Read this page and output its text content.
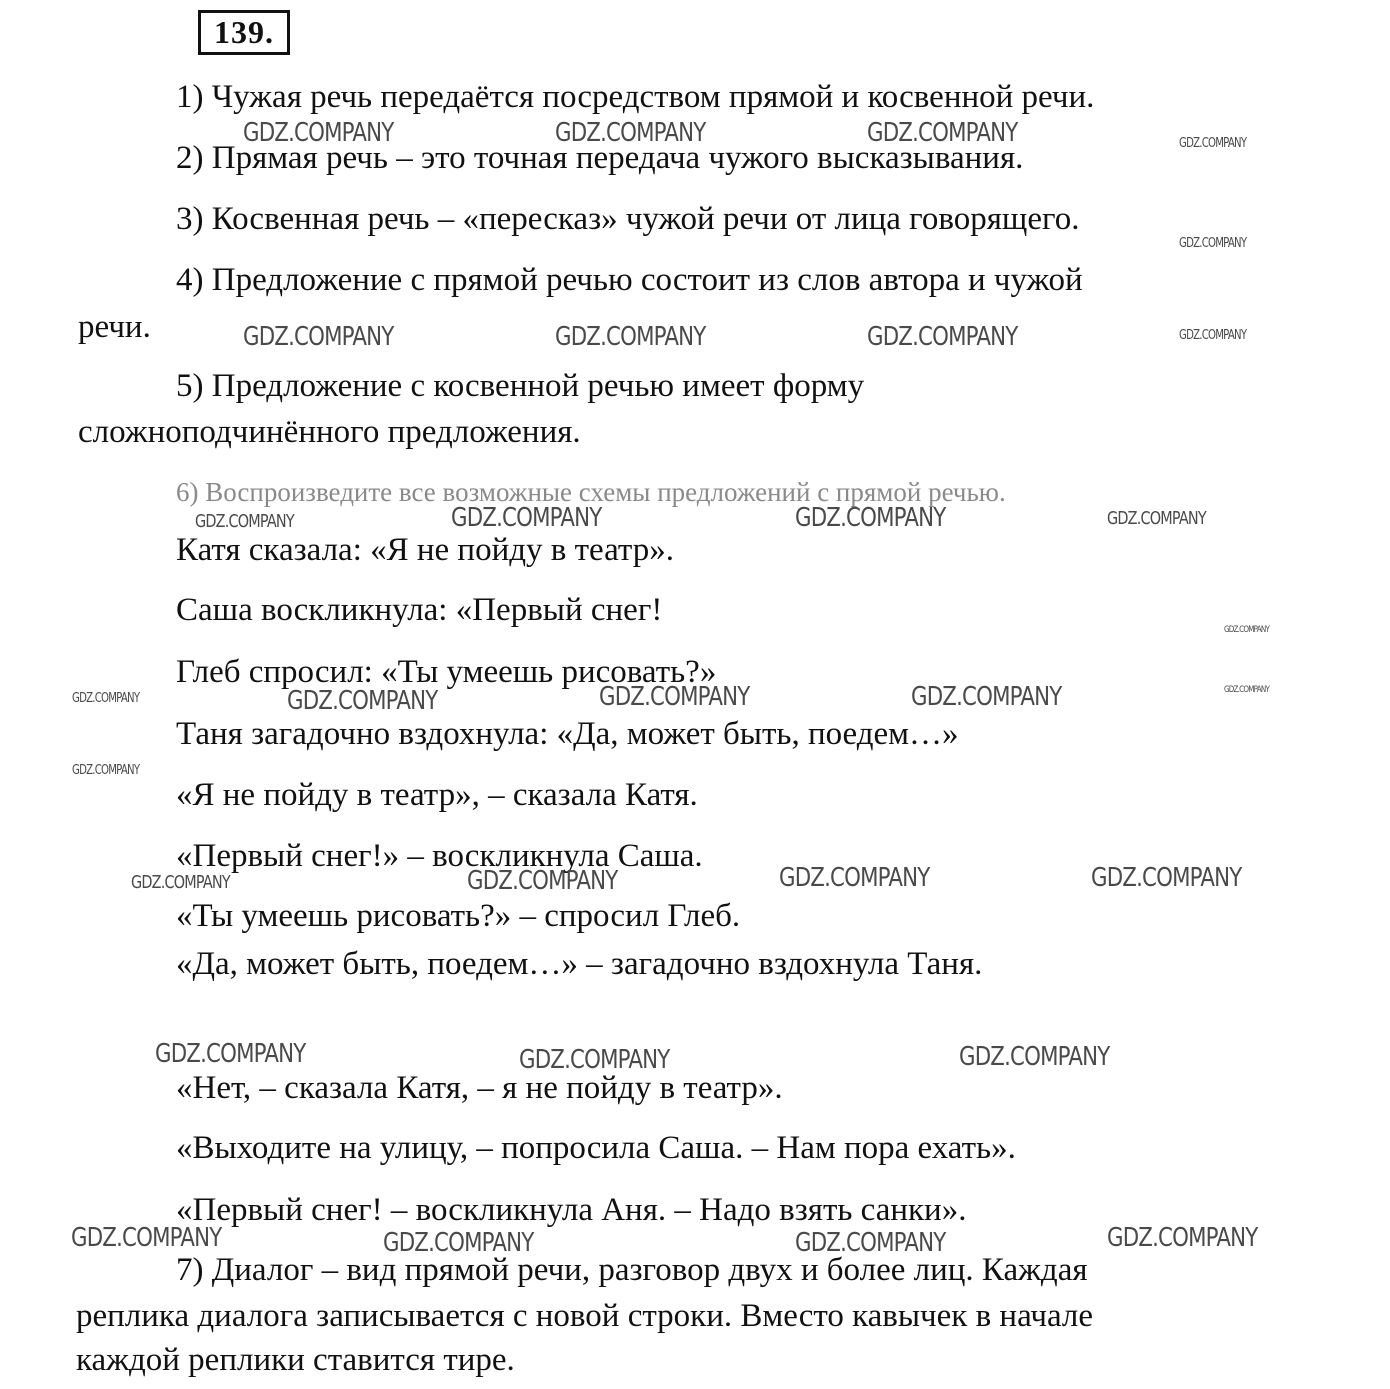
139.
1) Чужая речь передаётся посредством прямой и косвенной речи.
2) Прямая речь – это точная передача чужого высказывания.
3) Косвенная речь – «пересказ» чужой речи от лица говорящего.
4) Предложение с прямой речью состоит из слов автора и чужой
речи.
5) Предложение с косвенной речью имеет форму
сложноподчинённого предложения.
6) Воспроизведите все возможные схемы предложений с прямой речью.
Катя сказала: «Я не пойду в театр».
Саша воскликнула: «Первый снег!
Глеб спросил: «Ты умеешь рисовать?»
Таня загадочно вздохнула: «Да, может быть, поедем…»
«Я не пойду в театр», – сказала Катя.
«Первый снег!» – воскликнула Саша.
«Ты умеешь рисовать?» – спросил Глеб.
«Да, может быть, поедем…» – загадочно вздохнула Таня.
«Нет, – сказала Катя, – я не пойду в театр».
«Выходите на улицу, – попросила Саша. – Нам пора ехать».
«Первый снег! – воскликнула Аня. – Надо взять санки».
7) Диалог – вид прямой речи, разговор двух и более лиц. Каждая
реплика диалога записывается с новой строки. Вместо кавычек в начале
каждой реплики ставится тире.
GDZ.COMPANY	GDZ.COMPANY	GDZ.COMPANY	GDZ.COMPANY
GDZ.COMPANY
GDZ.COMPANY	GDZ.COMPANY	GDZ.COMPANY	GDZ.COMPANY
GDZ.COMPANY	GDZ.COMPANY	GDZ.COMPANY	GDZ.COMPANY
GDZ.COMPANY
GDZ.COMPANY
GDZ.COMPANY	GDZ.COMPANY	GDZ.COMPANY	GDZ.COMPANY
GDZ.COMPANY
GDZ.COMPANY	GDZ.COMPANY	GDZ.COMPANY	GDZ.COMPANY
GDZ.COMPANY	GDZ.COMPANY	GDZ.COMPANY
GDZ.COMPANY	GDZ.COMPANY	GDZ.COMPANY	GDZ.COMPANY
